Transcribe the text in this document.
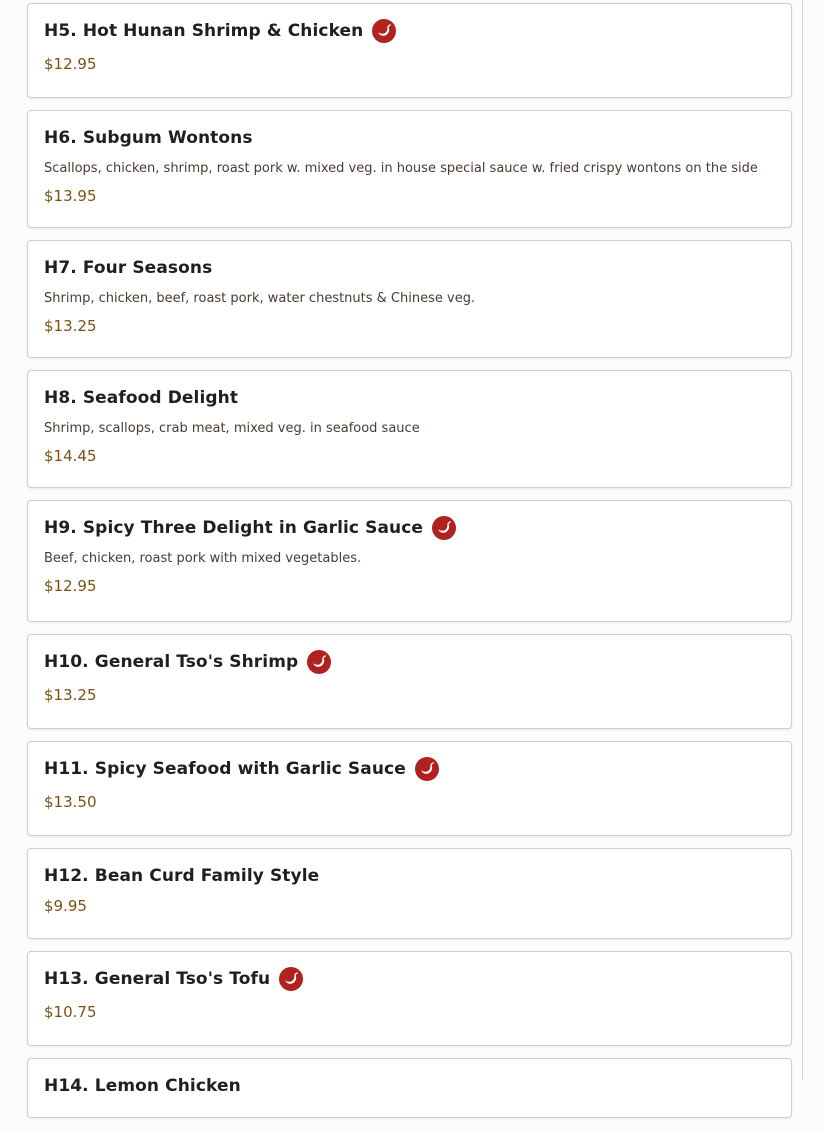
H5. Hot Hunan Shrimp & Chicken
$12.95
H6. Subgum Wontons
Scallops, chicken, shrimp, roast pork w. mixed veg. in house special sauce w. fried crispy wontons on the side
$13.95
H7. Four Seasons
Shrimp, chicken, beef, roast pork, water chestnuts & Chinese veg.
$13.25
H8. Seafood Delight
Shrimp, scallops, crab meat, mixed veg. in seafood sauce
$14.45
H9. Spicy Three Delight in Garlic Sauce
Beef, chicken, roast pork with mixed vegetables.
$12.95
H10. General Tso's Shrimp
$13.25
H11. Spicy Seafood with Garlic Sauce
$13.50
H12. Bean Curd Family Style
$9.95
H13. General Tso's Tofu
$10.75
H14. Lemon Chicken
